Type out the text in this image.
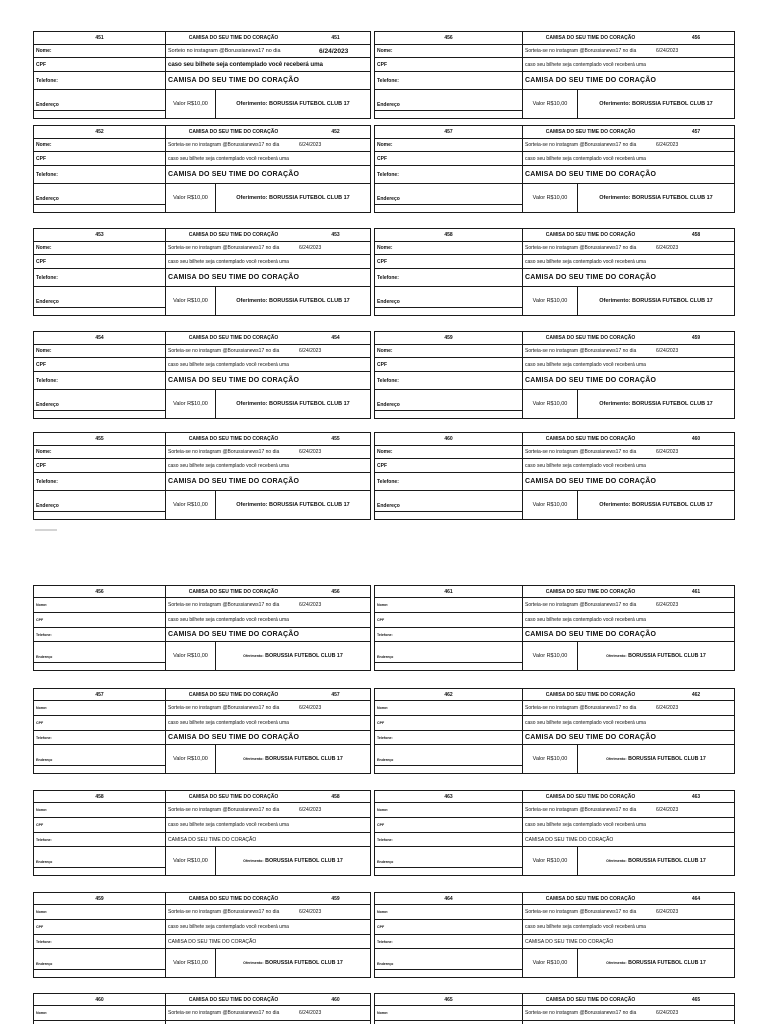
451
Nome:
CPF
Telefone:
Endereço
CAMISA DO SEU TIME DO CORAÇÃO	451
Sorteio no instagram @Borussianews17 no dia	6/24/2023
caso seu bilhete seja contemplado você receberá uma
CAMISA DO SEU TIME DO CORAÇÃO
Valor R$10,00	Oferimento: BORUSSIA FUTEBOL CLUB 17
456
Nome:
CPF
Telefone:
Endereço
CAMISA DO SEU TIME DO CORAÇÃO	456
Sorteia-se no instagram @Borussianews17 no dia	6/24/2023
caso seu bilhete seja contemplado você receberá uma
CAMISA DO SEU TIME DO CORAÇÃO
Valor R$10,00	Oferimento: BORUSSIA FUTEBOL CLUB 17
452
Nome:
CPF
Telefone:
Endereço
CAMISA DO SEU TIME DO CORAÇÃO	452
Sorteia-se no instagram @Borussianews17 no dia	6/24/2023
caso seu bilhete seja contemplado você receberá uma
CAMISA DO SEU TIME DO CORAÇÃO
Valor R$10,00	Oferimento: BORUSSIA FUTEBOL CLUB 17
457
Nome:
CPF
Telefone:
Endereço
CAMISA DO SEU TIME DO CORAÇÃO	457
Sorteia-se no instagram @Borussianews17 no dia	6/24/2023
caso seu bilhete seja contemplado você receberá uma
CAMISA DO SEU TIME DO CORAÇÃO
Valor R$10,00	Oferimento: BORUSSIA FUTEBOL CLUB 17
453
Nome:
CPF
Telefone:
Endereço
CAMISA DO SEU TIME DO CORAÇÃO	453
Sorteia-se no instagram @Borussianews17 no dia	6/24/2023
caso seu bilhete seja contemplado você receberá uma
CAMISA DO SEU TIME DO CORAÇÃO
Valor R$10,00	Oferimento: BORUSSIA FUTEBOL CLUB 17
458
Nome:
CPF
Telefone:
Endereço
CAMISA DO SEU TIME DO CORAÇÃO	458
Sorteia-se no instagram @Borussianews17 no dia	6/24/2023
caso seu bilhete seja contemplado você receberá uma
CAMISA DO SEU TIME DO CORAÇÃO
Valor R$10,00	Oferimento: BORUSSIA FUTEBOL CLUB 17
454
Nome:
CPF
Telefone:
Endereço
CAMISA DO SEU TIME DO CORAÇÃO	454
Sorteia-se no instagram @Borussianews17 no dia	6/24/2023
caso seu bilhete seja contemplado você receberá uma
CAMISA DO SEU TIME DO CORAÇÃO
Valor R$10,00	Oferimento: BORUSSIA FUTEBOL CLUB 17
459
Nome:
CPF
Telefone:
Endereço
CAMISA DO SEU TIME DO CORAÇÃO	459
Sorteia-se no instagram @Borussianews17 no dia	6/24/2023
caso seu bilhete seja contemplado você receberá uma
CAMISA DO SEU TIME DO CORAÇÃO
Valor R$10,00	Oferimento: BORUSSIA FUTEBOL CLUB 17
455
Nome:
CPF
Telefone:
Endereço
CAMISA DO SEU TIME DO CORAÇÃO	455
Sorteia-se no instagram @Borussianews17 no dia	6/24/2023
caso seu bilhete seja contemplado você receberá uma
CAMISA DO SEU TIME DO CORAÇÃO
Valor R$10,00	Oferimento: BORUSSIA FUTEBOL CLUB 17
460
Nome:
CPF
Telefone:
Endereço
CAMISA DO SEU TIME DO CORAÇÃO	460
Sorteia-se no instagram @Borussianews17 no dia	6/24/2023
caso seu bilhete seja contemplado você receberá uma
CAMISA DO SEU TIME DO CORAÇÃO
Valor R$10,00	Oferimento: BORUSSIA FUTEBOL CLUB 17
456
Nome:
CPF
Telefone:
Endereço
CAMISA DO SEU TIME DO CORAÇÃO	456
Sorteia-se no instagram @Borussianews17 no dia	6/24/2023
caso seu bilhete seja contemplado você receberá uma
CAMISA DO SEU TIME DO CORAÇÃO
Valor R$10,00	Oferimento: BORUSSIA FUTEBOL CLUB 17
461
Nome:
CPF
Telefone:
Endereço
CAMISA DO SEU TIME DO CORAÇÃO	461
Sorteia-se no instagram @Borussianews17 no dia	6/24/2023
caso seu bilhete seja contemplado você receberá uma
CAMISA DO SEU TIME DO CORAÇÃO
Valor R$10,00	Oferimento: BORUSSIA FUTEBOL CLUB 17
457
Nome:
CPF
Telefone:
Endereço
CAMISA DO SEU TIME DO CORAÇÃO	457
Sorteia-se no instagram @Borussianews17 no dia	6/24/2023
caso seu bilhete seja contemplado você receberá uma
CAMISA DO SEU TIME DO CORAÇÃO
Valor R$10,00	Oferimento: BORUSSIA FUTEBOL CLUB 17
462
Nome:
CPF
Telefone:
Endereço
CAMISA DO SEU TIME DO CORAÇÃO	462
Sorteia-se no instagram @Borussianews17 no dia	6/24/2023
caso seu bilhete seja contemplado você receberá uma
CAMISA DO SEU TIME DO CORAÇÃO
Valor R$10,00	Oferimento: BORUSSIA FUTEBOL CLUB 17
458
Nome:
CPF
Telefone:
Endereço
CAMISA DO SEU TIME DO CORAÇÃO	458
Sorteia-se no instagram @Borussianews17 no dia	6/24/2023
caso seu bilhete seja contemplado você receberá uma
CAMISA DO SEU TIME DO CORAÇÃO
Valor R$10,00	Oferimento: BORUSSIA FUTEBOL CLUB 17
463
Nome:
CPF
Telefone:
Endereço
CAMISA DO SEU TIME DO CORAÇÃO	463
Sorteia-se no instagram @Borussianews17 no dia	6/24/2023
caso seu bilhete seja contemplado você receberá uma
CAMISA DO SEU TIME DO CORAÇÃO
Valor R$10,00	Oferimento: BORUSSIA FUTEBOL CLUB 17
459
Nome:
CPF
Telefone:
Endereço
CAMISA DO SEU TIME DO CORAÇÃO	459
Sorteia-se no instagram @Borussianews17 no dia	6/24/2023
caso seu bilhete seja contemplado você receberá uma
CAMISA DO SEU TIME DO CORAÇÃO
Valor R$10,00	Oferimento: BORUSSIA FUTEBOL CLUB 17
464
Nome:
CPF
Telefone:
Endereço
CAMISA DO SEU TIME DO CORAÇÃO	464
Sorteia-se no instagram @Borussianews17 no dia	6/24/2023
caso seu bilhete seja contemplado você receberá uma
CAMISA DO SEU TIME DO CORAÇÃO
Valor R$10,00	Oferimento: BORUSSIA FUTEBOL CLUB 17
460
Nome:
CAMISA DO SEU TIME DO CORAÇÃO	460
Sorteia-se no instagram @Borussianews17 no dia	6/24/2023
465
Nome:
CAMISA DO SEU TIME DO CORAÇÃO	465
Sorteia-se no instagram @Borussianews17 no dia	6/24/2023
